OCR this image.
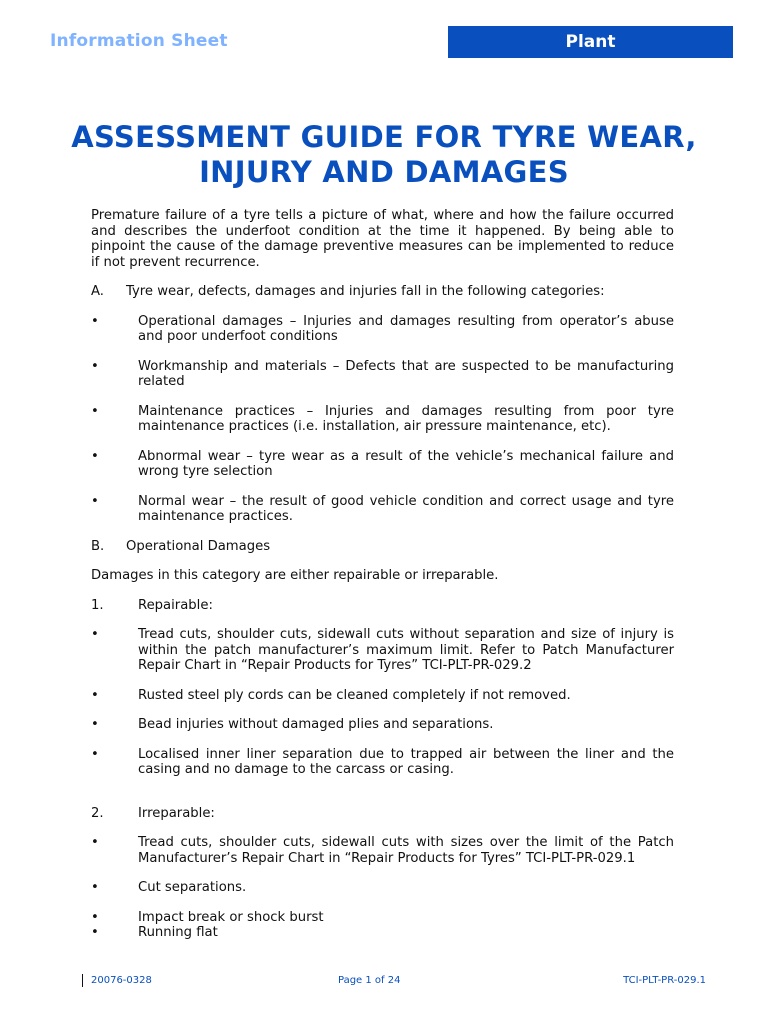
Information Sheet	Plant
ASSESSMENT GUIDE FOR TYRE WEAR, INJURY AND DAMAGES

Premature failure of a tyre tells a picture of what, where and how the failure occurred and describes the underfoot condition at the time it happened. By being able to pinpoint the cause of the damage preventive measures can be implemented to reduce if not prevent recurrence.

A.	Tyre wear, defects, damages and injuries fall in the following categories:
•	Operational damages – Injuries and damages resulting from operator’s abuse and poor underfoot conditions
•	Workmanship and materials – Defects that are suspected to be manufacturing related
•	Maintenance practices – Injuries and damages resulting from poor tyre maintenance practices (i.e. installation, air pressure maintenance, etc).
•	Abnormal wear – tyre wear as a result of the vehicle’s mechanical failure and wrong tyre selection
•	Normal wear – the result of good vehicle condition and correct usage and tyre maintenance practices.
B.	Operational Damages

Damages in this category are either repairable or irreparable.

1.	Repairable:
•	Tread cuts, shoulder cuts, sidewall cuts without separation and size of injury is within the patch manufacturer’s maximum limit. Refer to Patch Manufacturer Repair Chart in “Repair Products for Tyres” TCI-PLT-PR-029.2
•	Rusted steel ply cords can be cleaned completely if not removed.
•	Bead injuries without damaged plies and separations.
•	Localised inner liner separation due to trapped air between the liner and the casing and no damage to the carcass or casing.
2.	Irreparable:
•	Tread cuts, shoulder cuts, sidewall cuts with sizes over the limit of the Patch Manufacturer’s Repair Chart in “Repair Products for Tyres” TCI-PLT-PR-029.1
•	Cut separations.
•	Impact break or shock burst
•	Running flat
20076-0328	Page 1 of 24	TCI-PLT-PR-029.1
